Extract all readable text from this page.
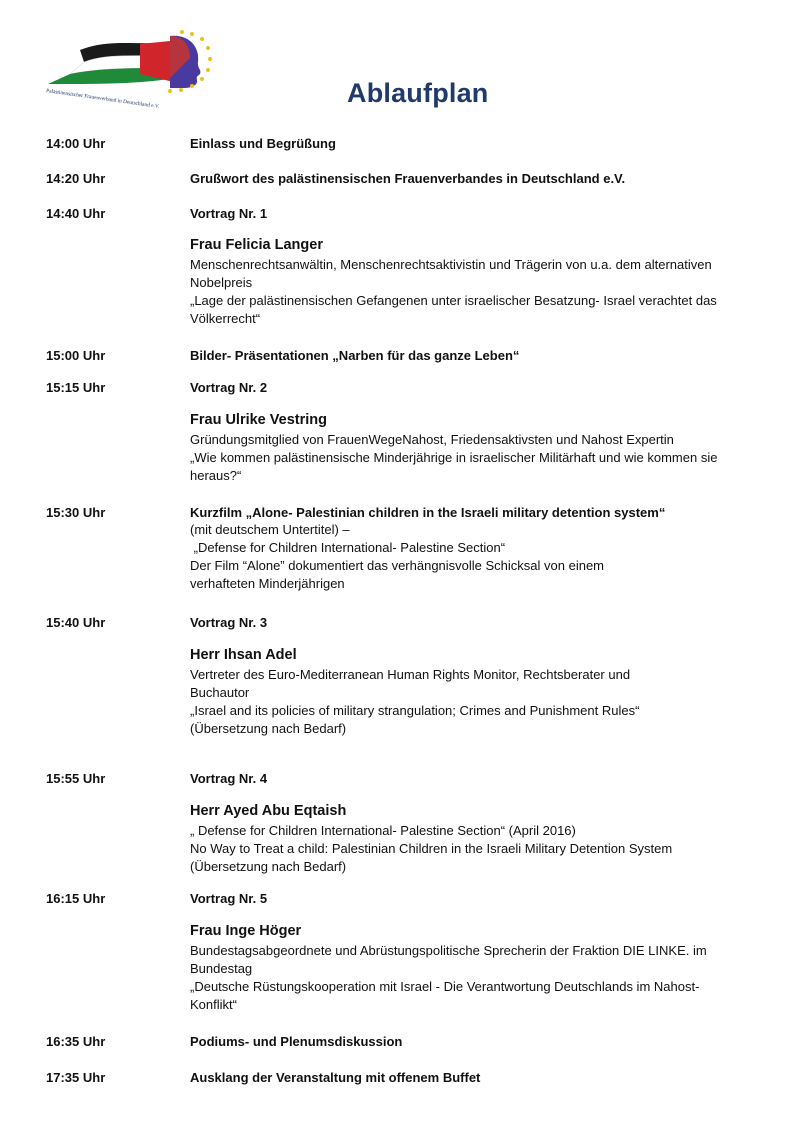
Palästinensischer Frauenverband in Deutschland e.V.	Ablaufplan
14:00 Uhr	Einlass und Begrüßung
14:20 Uhr	Grußwort des palästinensischen Frauenverbandes in Deutschland e.V.
14:40 Uhr	Vortrag Nr. 1
Frau Felicia Langer
Menschenrechtsanwältin, Menschenrechtsaktivistin und Trägerin von u.a. dem alternativen
Nobelpreis
„Lage der palästinensischen Gefangenen unter israelischer Besatzung- Israel verachtet das
Völkerrecht“
15:00 Uhr	Bilder- Präsentationen „Narben für das ganze Leben“
15:15 Uhr	Vortrag Nr. 2
Frau Ulrike Vestring
Gründungsmitglied von FrauenWegeNahost, Friedensaktivsten und Nahost Expertin
„Wie kommen palästinensische Minderjährige in israelischer Militärhaft und wie kommen sie
heraus?“
15:30 Uhr	Kurzfilm „Alone- Palestinian children in the Israeli military detention system“
(mit deutschem Untertitel) –
„Defense for Children International- Palestine Section“
Der Film “Alone” dokumentiert das verhängnisvolle Schicksal von einem
verhafteten Minderjährigen
15:40 Uhr	Vortrag Nr. 3
Herr Ihsan Adel
Vertreter des Euro-Mediterranean Human Rights Monitor, Rechtsberater und
Buchautor
„Israel and its policies of military strangulation; Crimes and Punishment Rules“
(Übersetzung nach Bedarf)
15:55 Uhr	Vortrag Nr. 4
Herr Ayed Abu Eqtaish
„ Defense for Children International- Palestine Section“ (April 2016)
No Way to Treat a child: Palestinian Children in the Israeli Military Detention System
(Übersetzung nach Bedarf)
16:15 Uhr	Vortrag Nr. 5
Frau Inge Höger
Bundestagsabgeordnete und Abrüstungspolitische Sprecherin der Fraktion DIE LINKE. im
Bundestag
„Deutsche Rüstungskooperation mit Israel - Die Verantwortung Deutschlands im Nahost-
Konflikt“
16:35 Uhr	Podiums- und Plenumsdiskussion
17:35 Uhr	Ausklang der Veranstaltung mit offenem Buffet
